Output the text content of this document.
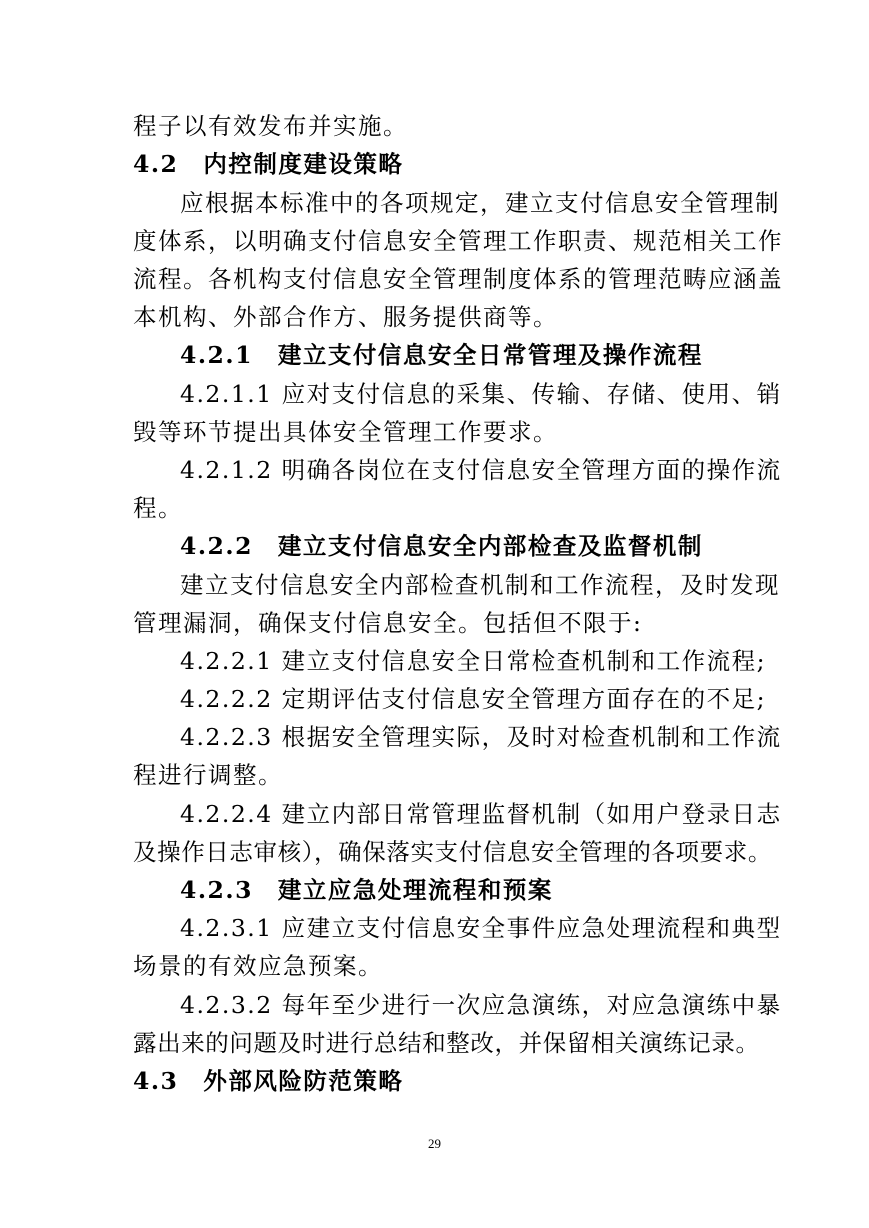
程子以有效发布并实施。
4.2　内控制度建设策略
应根据本标准中的各项规定，建立支付信息安全管理制
度体系，以明确支付信息安全管理工作职责、规范相关工作
流程。各机构支付信息安全管理制度体系的管理范畴应涵盖
本机构、外部合作方、服务提供商等。
4.2.1　建立支付信息安全日常管理及操作流程
4.2.1.1 应对支付信息的采集、传输、存储、使用、销
毁等环节提出具体安全管理工作要求。
4.2.1.2 明确各岗位在支付信息安全管理方面的操作流
程。
4.2.2　建立支付信息安全内部检查及监督机制
建立支付信息安全内部检查机制和工作流程，及时发现
管理漏洞，确保支付信息安全。包括但不限于:
4.2.2.1 建立支付信息安全日常检查机制和工作流程;
4.2.2.2 定期评估支付信息安全管理方面存在的不足;
4.2.2.3 根据安全管理实际，及时对检查机制和工作流
程进行调整。
4.2.2.4 建立内部日常管理监督机制（如用户登录日志
及操作日志审核），确保落实支付信息安全管理的各项要求。
4.2.3　建立应急处理流程和预案
4.2.3.1 应建立支付信息安全事件应急处理流程和典型
场景的有效应急预案。
4.2.3.2 每年至少进行一次应急演练，对应急演练中暴
露出来的问题及时进行总结和整改，并保留相关演练记录。
4.3　外部风险防范策略
29
